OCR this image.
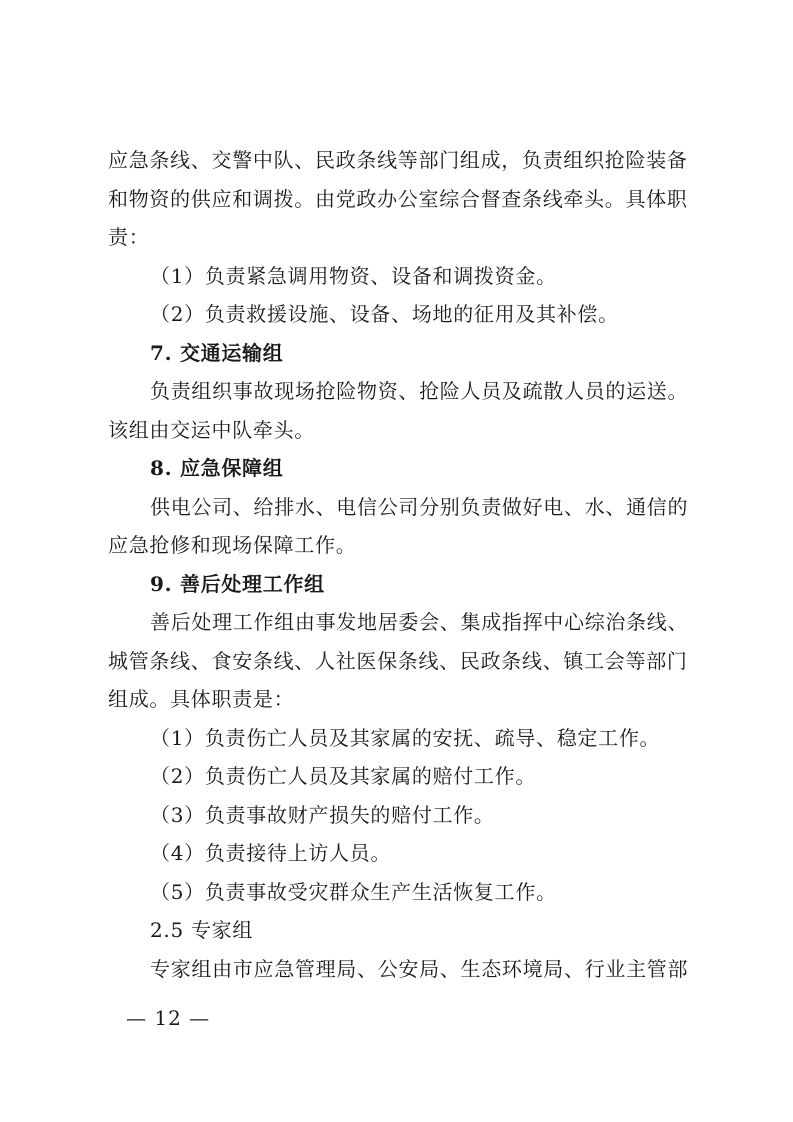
应急条线、交警中队、民政条线等部门组成，负责组织抢险装备
和物资的供应和调拨。由党政办公室综合督查条线牵头。具体职
责：
（1）负责紧急调用物资、设备和调拨资金。
（2）负责救援设施、设备、场地的征用及其补偿。
7. 交通运输组
负责组织事故现场抢险物资、抢险人员及疏散人员的运送。
该组由交运中队牵头。
8. 应急保障组
供电公司、给排水、电信公司分别负责做好电、水、通信的
应急抢修和现场保障工作。
9. 善后处理工作组
善后处理工作组由事发地居委会、集成指挥中心综治条线、
城管条线、食安条线、人社医保条线、民政条线、镇工会等部门
组成。具体职责是：
（1）负责伤亡人员及其家属的安抚、疏导、稳定工作。
（2）负责伤亡人员及其家属的赔付工作。
（3）负责事故财产损失的赔付工作。
（4）负责接待上访人员。
（5）负责事故受灾群众生产生活恢复工作。
2.5 专家组
专家组由市应急管理局、公安局、生态环境局、行业主管部
— 12 —
